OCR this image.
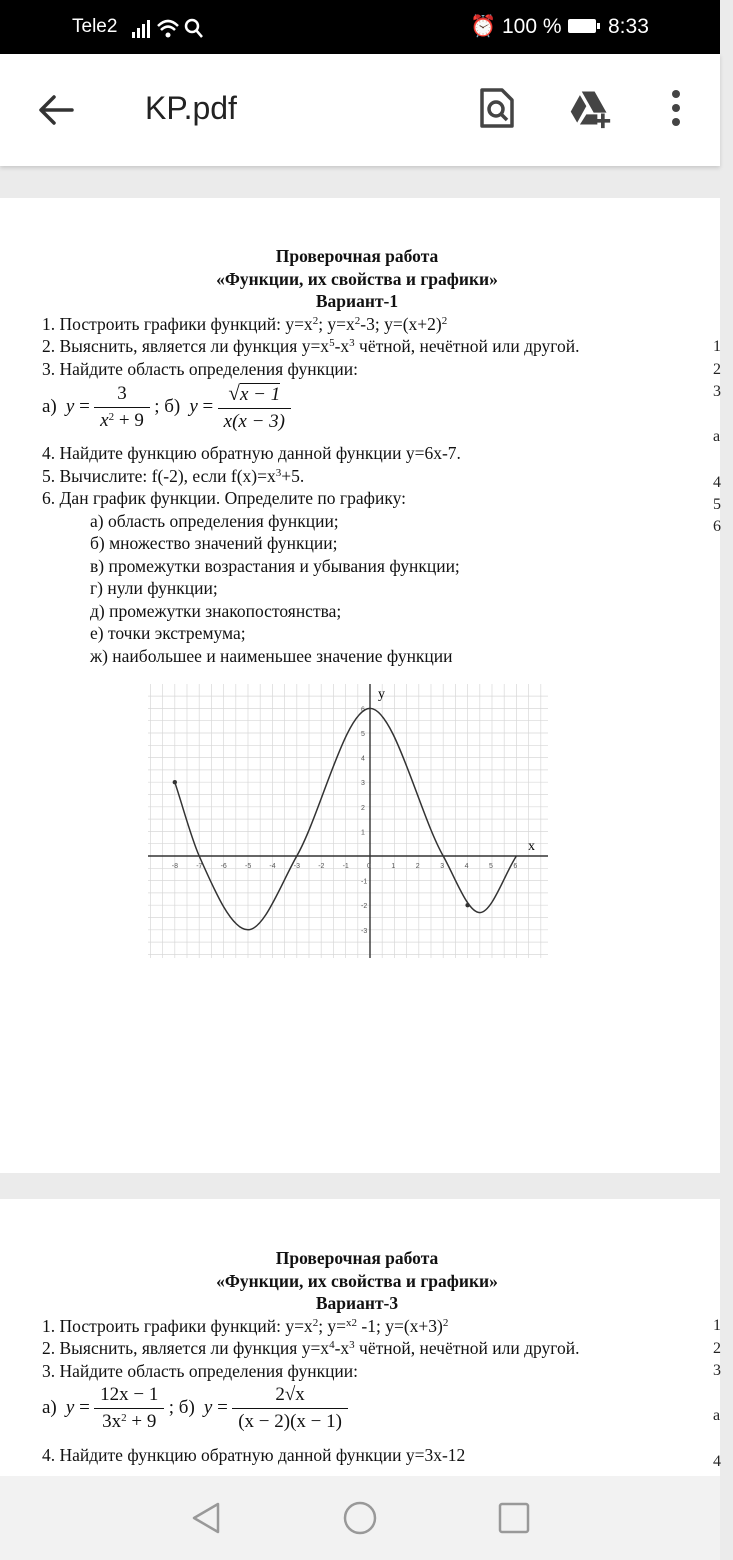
Tele2	⏰ 100 %	8:33
KP.pdf
Проверочная работа
«Функции, их свойства и графики»
Вариант-1
1. Построить графики функций: $y=x^2$; $y=x^2-3$; $y=(x+2)^2$
2. Выяснить, является ли функция $y=x^5-x^3$ чётной, нечётной или другой.
3. Найдите область определения функции:
а)  $y = \frac{3}{x^2 + 9}$ ; б)  $y = \frac{√x - 1}{x(x - 3)}$
4. Найдите функцию обратную данной функции y=6x-7.
5. Вычислите: f(-2), если $f(x)=x^3+5$.
6. Дан график функции. Определите по графику:
а) область определения функции;
б) множество значений функции;
в) промежутки возрастания и убывания функции;
г) нули функции;
д) промежутки знакопостоянства;
е) точки экстремума;
ж) наибольшее и наименьшее значение функции
1
2
3
а
4
5
6
x
y
-8	-7	-6	-5	-4	-3	-2	-1	0	1	2	3	4	5	6
-3
-2
-1
1
2
3
4
5
6
Проверочная работа
«Функции, их свойства и графики»
Вариант-3
1. Построить графики функций: $y=x^2$; y=$^{x2}$ -1; $y=(x+3)^2$
2. Выяснить, является ли функция $y=x^4-x^3$ чётной, нечётной или другой.
3. Найдите область определения функции:
а)  $y = \frac{12x - 1}{3x^2 + 9}$ ; б)  $y = \frac{2√x}{(x - 2)(x - 1)}$
4. Найдите функцию обратную данной функции y=3x-12
1
2
3
а
4
